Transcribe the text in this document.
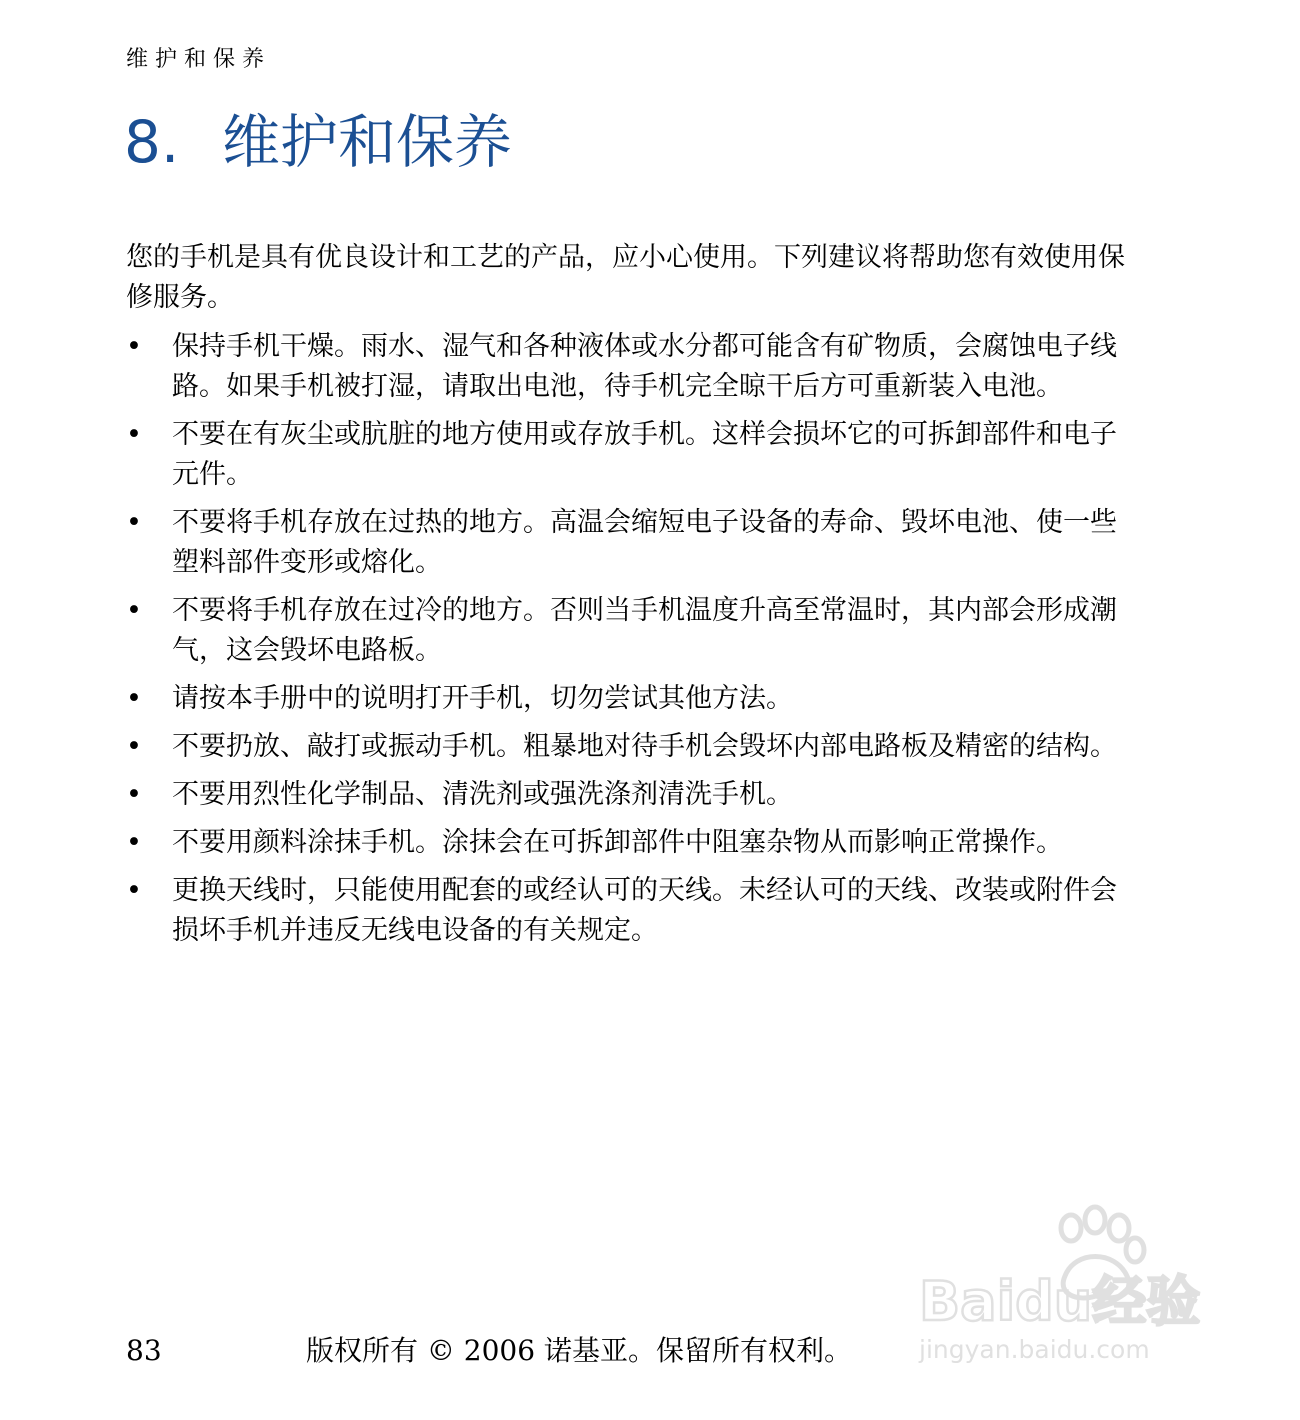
维护和保养
8. 维护和保养

您的手机是具有优良设计和工艺的产品，应小心使用。下列建议将帮助您有效使用保修服务。

• 保持手机干燥。雨水、湿气和各种液体或水分都可能含有矿物质，会腐蚀电子线路。如果手机被打湿，请取出电池，待手机完全晾干后方可重新装入电池。
• 不要在有灰尘或肮脏的地方使用或存放手机。这样会损坏它的可拆卸部件和电子元件。
• 不要将手机存放在过热的地方。高温会缩短电子设备的寿命、毁坏电池、使一些塑料部件变形或熔化。
• 不要将手机存放在过冷的地方。否则当手机温度升高至常温时，其内部会形成潮气，这会毁坏电路板。
• 请按本手册中的说明打开手机，切勿尝试其他方法。
• 不要扔放、敲打或振动手机。粗暴地对待手机会毁坏内部电路板及精密的结构。
• 不要用烈性化学制品、清洗剂或强洗涤剂清洗手机。
• 不要用颜料涂抹手机。涂抹会在可拆卸部件中阻塞杂物从而影响正常操作。
• 更换天线时，只能使用配套的或经认可的天线。未经认可的天线、改装或附件会损坏手机并违反无线电设备的有关规定。
Baidu经验
jingyan.baidu.com
83	版权所有 © 2006 诺基亚。保留所有权利。
